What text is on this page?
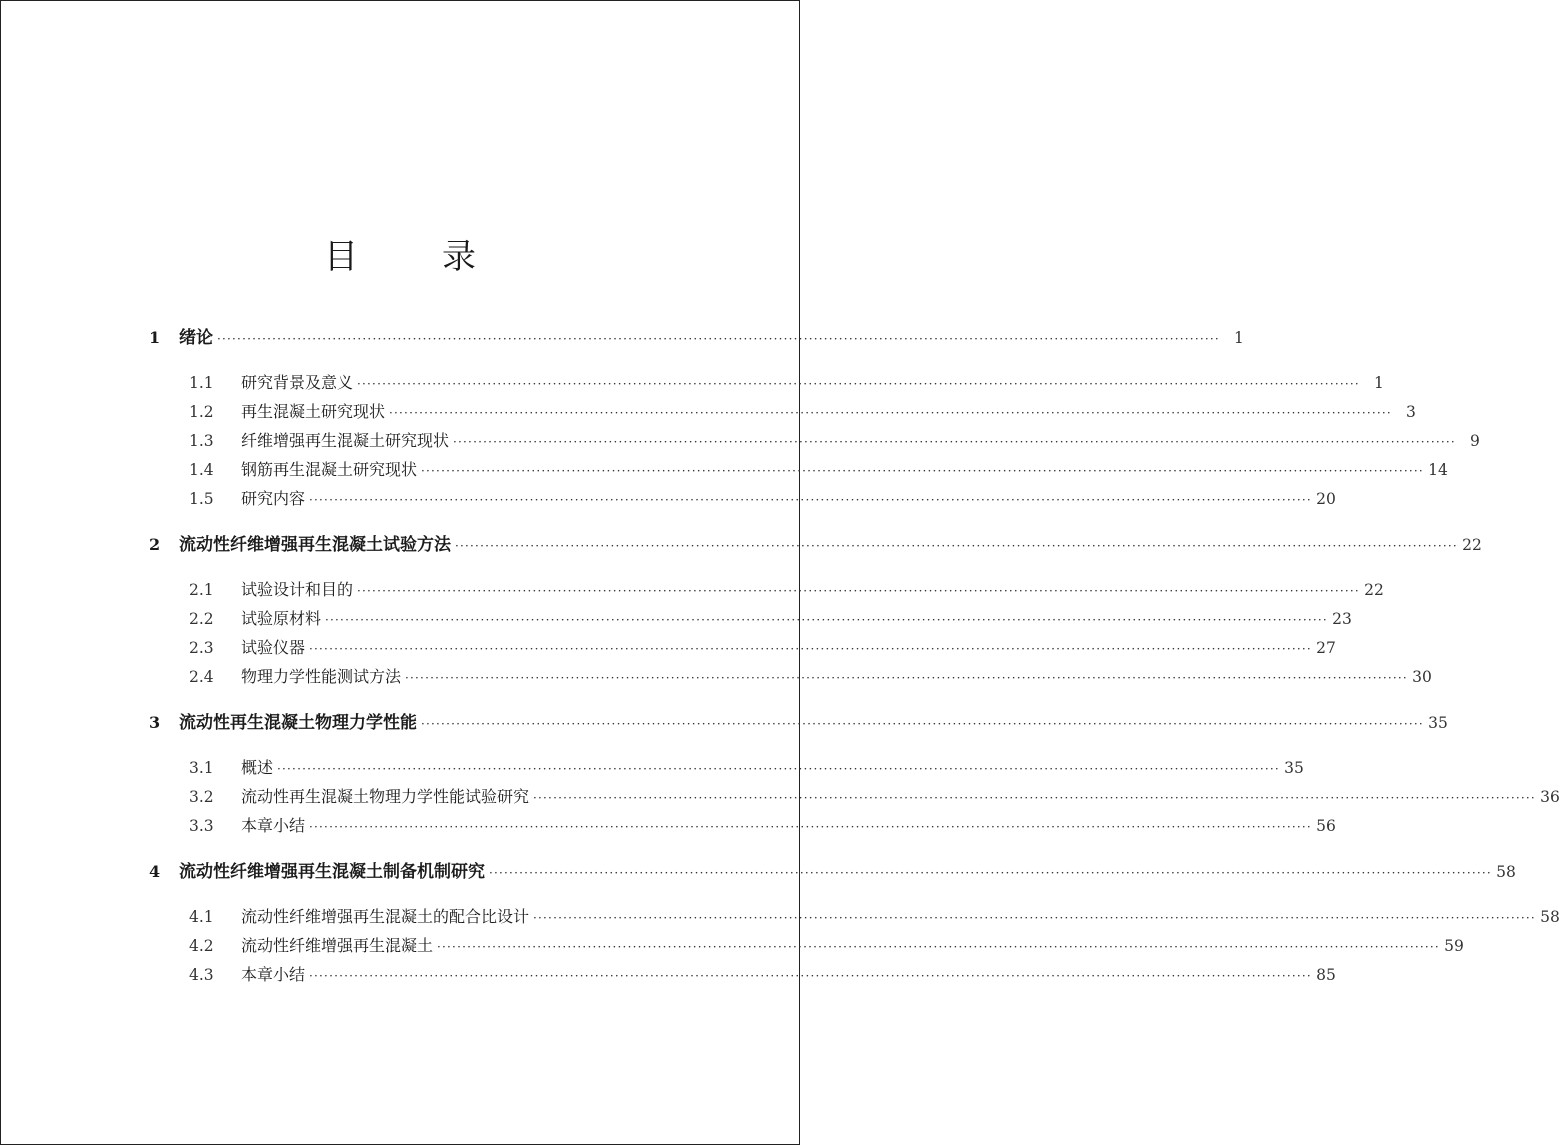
目 录
1	绪论 ········································································································································································································ 1
1.1	研究背景及意义 ········································································································································································································ 1
1.2	再生混凝土研究现状 ········································································································································································································ 3
1.3	纤维增强再生混凝土研究现状 ········································································································································································································ 9
1.4	钢筋再生混凝土研究现状 ········································································································································································································ 14
1.5	研究内容 ········································································································································································································ 20
2	流动性纤维增强再生混凝土试验方法 ········································································································································································································ 22
2.1	试验设计和目的 ········································································································································································································ 22
2.2	试验原材料 ········································································································································································································ 23
2.3	试验仪器 ········································································································································································································ 27
2.4	物理力学性能测试方法 ········································································································································································································ 30
3	流动性再生混凝土物理力学性能 ········································································································································································································ 35
3.1	概述 ········································································································································································································ 35
3.2	流动性再生混凝土物理力学性能试验研究 ········································································································································································································ 36
3.3	本章小结 ········································································································································································································ 56
4	流动性纤维增强再生混凝土制备机制研究 ········································································································································································································ 58
4.1	流动性纤维增强再生混凝土的配合比设计 ········································································································································································································ 58
4.2	流动性纤维增强再生混凝土 ········································································································································································································ 59
4.3	本章小结 ········································································································································································································ 85
